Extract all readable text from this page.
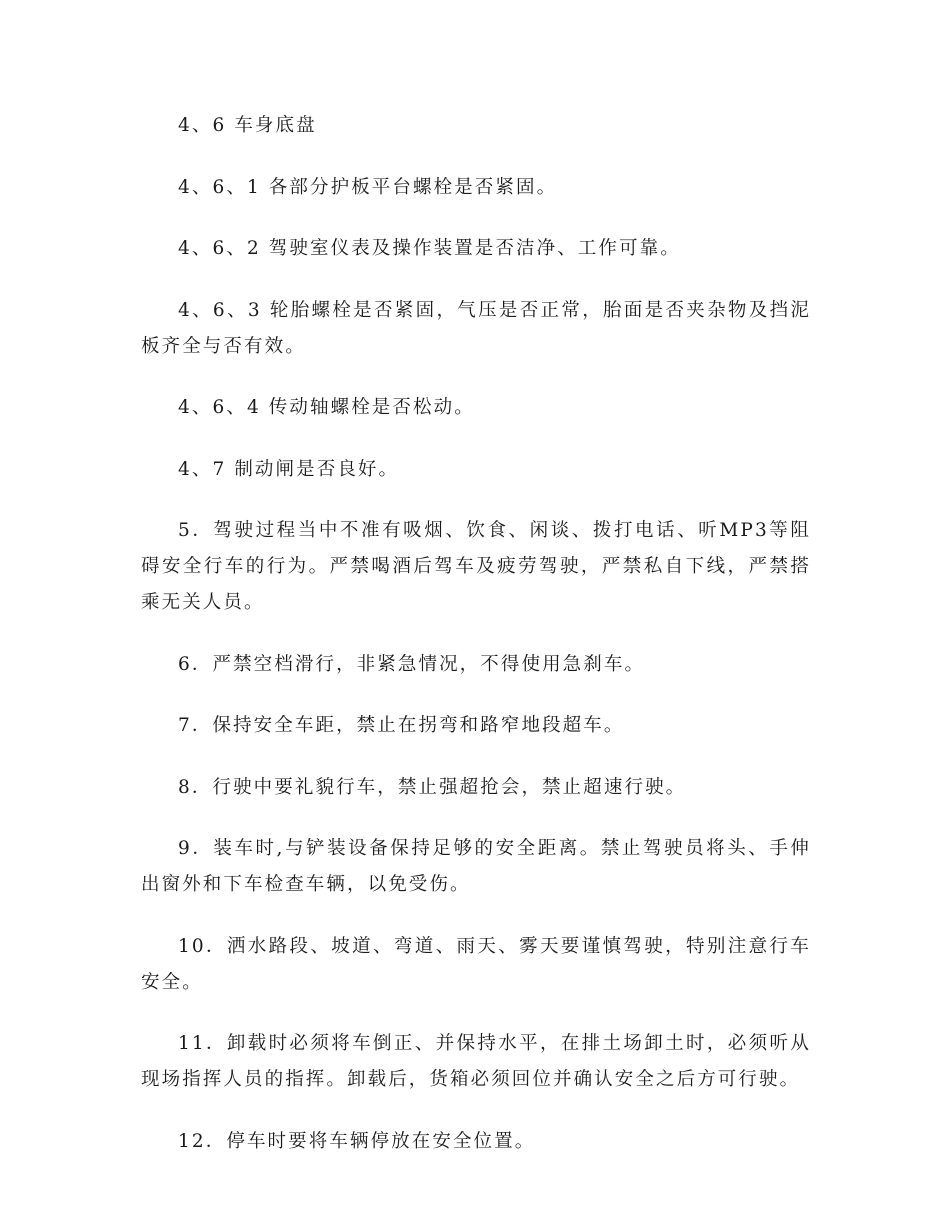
4、6 车身底盘

4、6、1 各部分护板平台螺栓是否紧固。

4、6、2 驾驶室仪表及操作装置是否洁净、工作可靠。

4、6、3 轮胎螺栓是否紧固，气压是否正常，胎面是否夹杂物及挡泥板齐全与否有效。

4、6、4 传动轴螺栓是否松动。

4、7 制动闸是否良好。

5．驾驶过程当中不准有吸烟、饮食、闲谈、拨打电话、听MP3等阻碍安全行车的行为。严禁喝酒后驾车及疲劳驾驶，严禁私自下线，严禁搭乘无关人员。

6．严禁空档滑行，非紧急情况，不得使用急刹车。

7．保持安全车距，禁止在拐弯和路窄地段超车。

8．行驶中要礼貌行车，禁止强超抢会，禁止超速行驶。

9．装车时,与铲装设备保持足够的安全距离。禁止驾驶员将头、手伸出窗外和下车检查车辆，以免受伤。

10．洒水路段、坡道、弯道、雨天、雾天要谨慎驾驶，特别注意行车安全。

11．卸载时必须将车倒正、并保持水平，在排土场卸土时，必须听从现场指挥人员的指挥。卸载后，货箱必须回位并确认安全之后方可行驶。

12．停车时要将车辆停放在安全位置。
